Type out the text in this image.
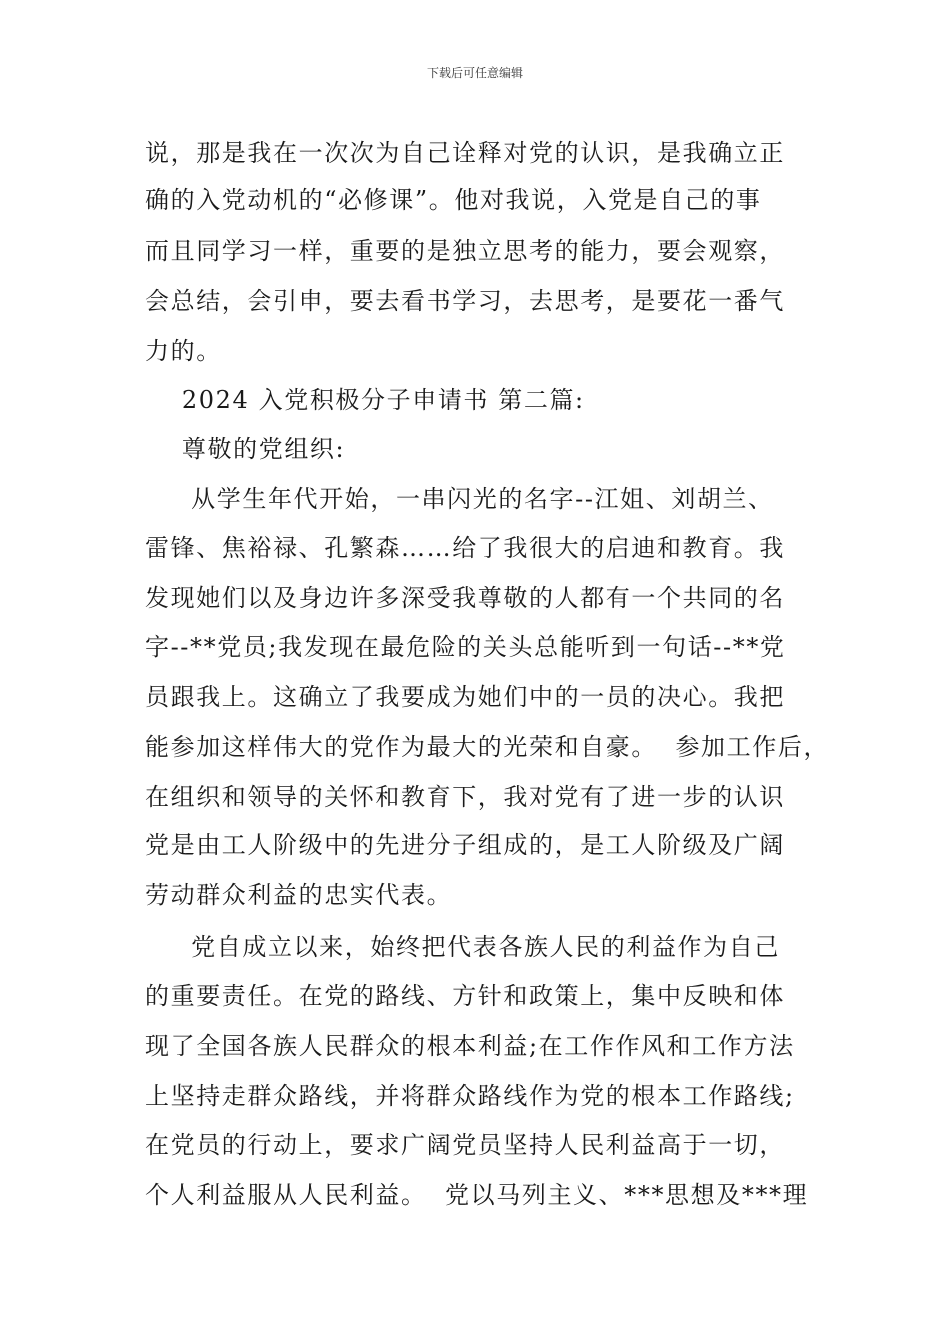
下载后可任意编辑
说，那是我在一次次为自己诠释对党的认识，是我确立正
确的入党动机的“必修课”。他对我说，入党是自己的事
而且同学习一样，重要的是独立思考的能力，要会观察，
会总结，会引申，要去看书学习，去思考，是要花一番气
力的。
2024 入党积极分子申请书 第二篇:
尊敬的党组织:
从学生年代开始，一串闪光的名字--江姐、刘胡兰、
雷锋、焦裕禄、孔繁森……给了我很大的启迪和教育。我
发现她们以及身边许多深受我尊敬的人都有一个共同的名
字--**党员;我发现在最危险的关头总能听到一句话--**党
员跟我上。这确立了我要成为她们中的一员的决心。我把
能参加这样伟大的党作为最大的光荣和自豪。  参加工作后，
在组织和领导的关怀和教育下，我对党有了进一步的认识
党是由工人阶级中的先进分子组成的，是工人阶级及广阔
劳动群众利益的忠实代表。
党自成立以来，始终把代表各族人民的利益作为自己
的重要责任。在党的路线、方针和政策上，集中反映和体
现了全国各族人民群众的根本利益;在工作作风和工作方法
上坚持走群众路线，并将群众路线作为党的根本工作路线;
在党员的行动上，要求广阔党员坚持人民利益高于一切，
个人利益服从人民利益。  党以马列主义、***思想及***理
